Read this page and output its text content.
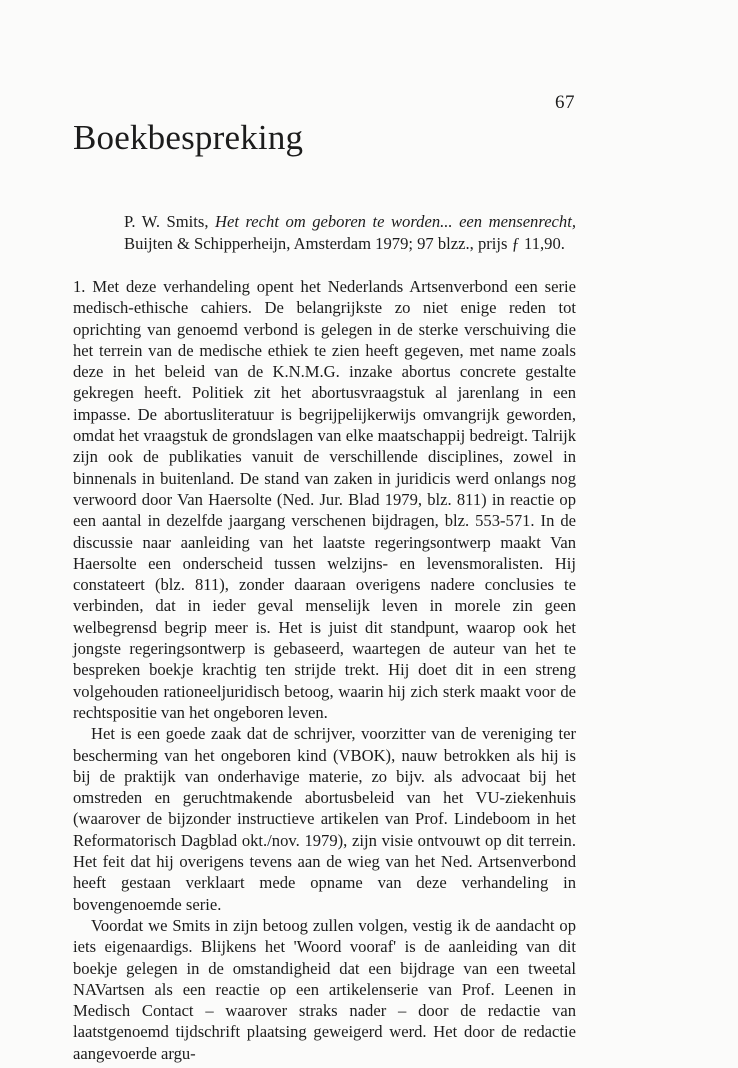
67
Boekbespreking
P. W. Smits, Het recht om geboren te worden... een mensenrecht, Buijten & Schipperheijn, Amsterdam 1979; 97 blzz., prijs ƒ 11,90.

1. Met deze verhandeling opent het Nederlands Artsenverbond een serie medisch-ethische cahiers. De belangrijkste zo niet enige reden tot oprichting van genoemd verbond is gelegen in de sterke verschuiving die het terrein van de medische ethiek te zien heeft gegeven, met name zoals deze in het beleid van de K.N.M.G. inzake abortus concrete gestalte gekregen heeft. Politiek zit het abortusvraagstuk al jarenlang in een impasse. De abortusliteratuur is begrijpelijkerwijs omvangrijk geworden, omdat het vraagstuk de grondslagen van elke maatschappij bedreigt. Talrijk zijn ook de publikaties vanuit de verschillende disciplines, zowel in binnenals in buitenland. De stand van zaken in juridicis werd onlangs nog verwoord door Van Haersolte (Ned. Jur. Blad 1979, blz. 811) in reactie op een aantal in dezelfde jaargang verschenen bijdragen, blz. 553-571. In de discussie naar aanleiding van het laatste regeringsontwerp maakt Van Haersolte een onderscheid tussen welzijns- en levensmoralisten. Hij constateert (blz. 811), zonder daaraan overigens nadere conclusies te verbinden, dat in ieder geval menselijk leven in morele zin geen welbegrensd begrip meer is. Het is juist dit standpunt, waarop ook het jongste regeringsontwerp is gebaseerd, waartegen de auteur van het te bespreken boekje krachtig ten strijde trekt. Hij doet dit in een streng volgehouden rationeeljuridisch betoog, waarin hij zich sterk maakt voor de rechtspositie van het ongeboren leven.

Het is een goede zaak dat de schrijver, voorzitter van de vereniging ter bescherming van het ongeboren kind (VBOK), nauw betrokken als hij is bij de praktijk van onderhavige materie, zo bijv. als advocaat bij het omstreden en geruchtmakende abortusbeleid van het VU-ziekenhuis (waarover de bijzonder instructieve artikelen van Prof. Lindeboom in het Reformatorisch Dagblad okt./nov. 1979), zijn visie ontvouwt op dit terrein. Het feit dat hij overigens tevens aan de wieg van het Ned. Artsenverbond heeft gestaan verklaart mede opname van deze verhandeling in bovengenoemde serie.

Voordat we Smits in zijn betoog zullen volgen, vestig ik de aandacht op iets eigenaardigs. Blijkens het 'Woord vooraf' is de aanleiding van dit boekje gelegen in de omstandigheid dat een bijdrage van een tweetal NAVartsen als een reactie op een artikelenserie van Prof. Leenen in Medisch Contact – waarover straks nader – door de redactie van laatstgenoemd tijdschrift plaatsing geweigerd werd. Het door de redactie aangevoerde argu-
